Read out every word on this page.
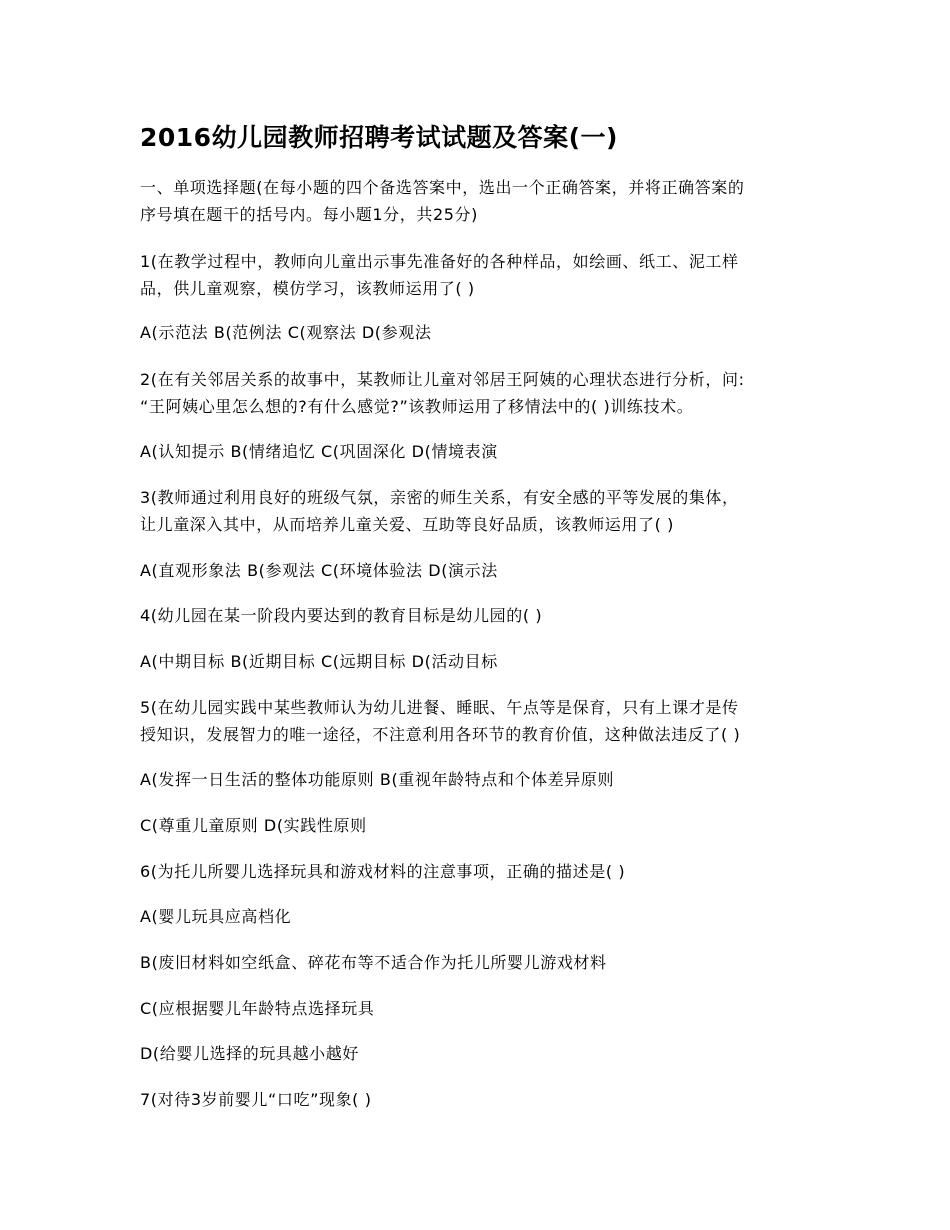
2016幼儿园教师招聘考试试题及答案(一)
一、单项选择题(在每小题的四个备选答案中，选出一个正确答案，并将正确答案的
序号填在题干的括号内。每小题1分，共25分)
1(在教学过程中，教师向儿童出示事先准备好的各种样品，如绘画、纸工、泥工样
品，供儿童观察，模仿学习，该教师运用了( )
A(示范法 B(范例法 C(观察法 D(参观法
2(在有关邻居关系的故事中，某教师让儿童对邻居王阿姨的心理状态进行分析，问:
“王阿姨心里怎么想的?有什么感觉?”该教师运用了移情法中的( )训练技术。
A(认知提示 B(情绪追忆 C(巩固深化 D(情境表演
3(教师通过利用良好的班级气氛，亲密的师生关系，有安全感的平等发展的集体，
让儿童深入其中，从而培养儿童关爱、互助等良好品质，该教师运用了( )
A(直观形象法 B(参观法 C(环境体验法 D(演示法
4(幼儿园在某一阶段内要达到的教育目标是幼儿园的( )
A(中期目标 B(近期目标 C(远期目标 D(活动目标
5(在幼儿园实践中某些教师认为幼儿进餐、睡眠、午点等是保育，只有上课才是传
授知识，发展智力的唯一途径，不注意利用各环节的教育价值，这种做法违反了( )
A(发挥一日生活的整体功能原则 B(重视年龄特点和个体差异原则
C(尊重儿童原则 D(实践性原则
6(为托儿所婴儿选择玩具和游戏材料的注意事项，正确的描述是( )
A(婴儿玩具应高档化
B(废旧材料如空纸盒、碎花布等不适合作为托儿所婴儿游戏材料
C(应根据婴儿年龄特点选择玩具
D(给婴儿选择的玩具越小越好
7(对待3岁前婴儿“口吃”现象( )
